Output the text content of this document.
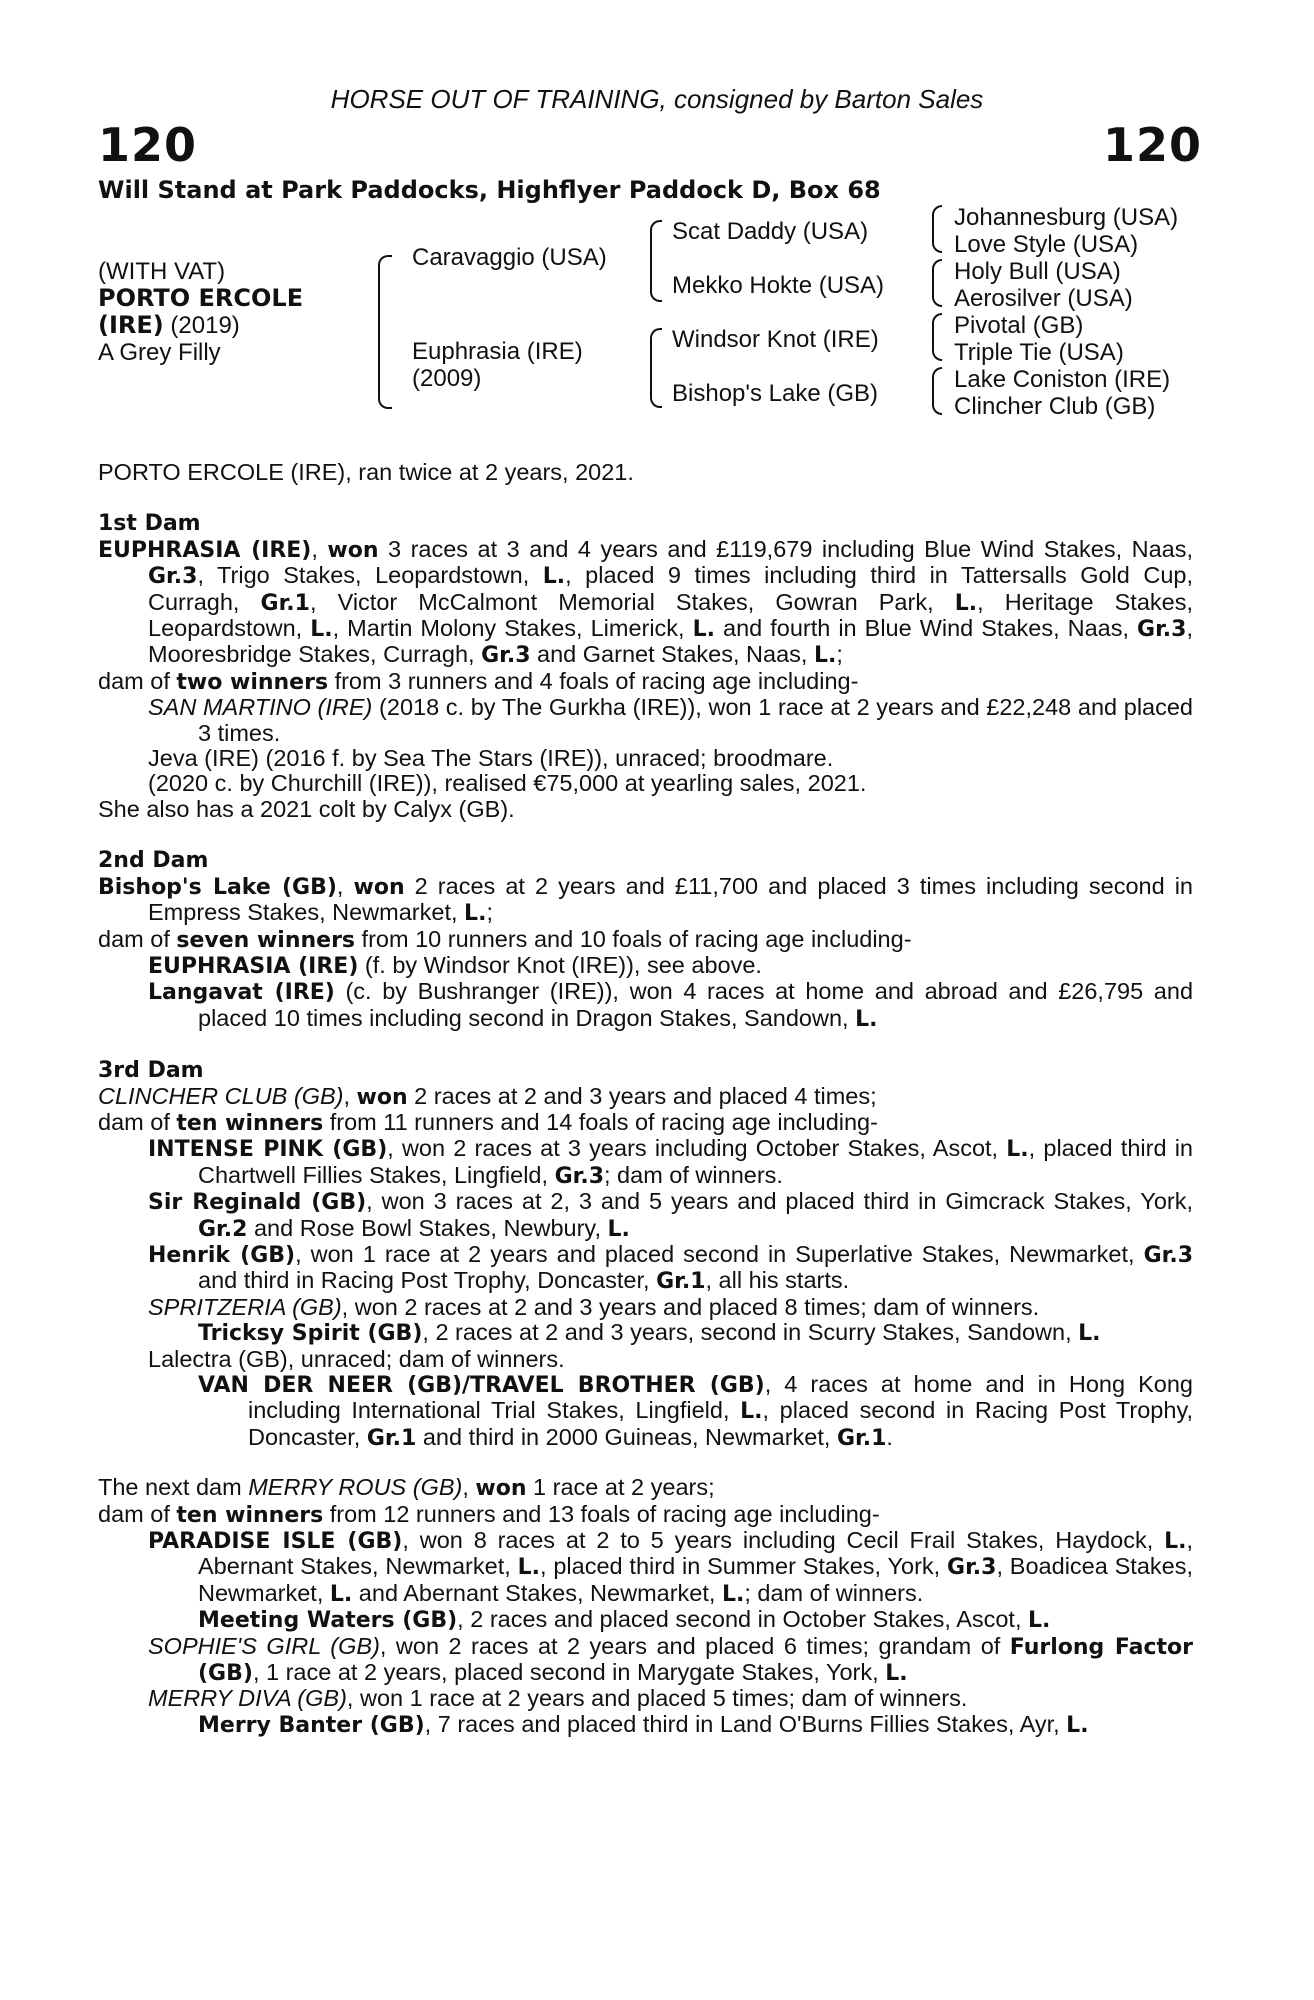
HORSE OUT OF TRAINING, consigned by Barton Sales
120	120
Will Stand at Park Paddocks, Highflyer Paddock D, Box 68
(WITH VAT)
PORTO ERCOLE
(IRE) (2019)
A Grey Filly
Caravaggio (USA)
Euphrasia (IRE)
(2009)
Scat Daddy (USA)
Mekko Hokte (USA)
Windsor Knot (IRE)
Bishop's Lake (GB)
Johannesburg (USA)
Love Style (USA)
Holy Bull (USA)
Aerosilver (USA)
Pivotal (GB)
Triple Tie (USA)
Lake Coniston (IRE)
Clincher Club (GB)

PORTO ERCOLE (IRE), ran twice at 2 years, 2021.

1st Dam

EUPHRASIA (IRE), won 3 races at 3 and 4 years and £119,679 including Blue Wind Stakes, Naas, Gr.3, Trigo Stakes, Leopardstown, L., placed 9 times including third in Tattersalls Gold Cup, Curragh, Gr.1, Victor McCalmont Memorial Stakes, Gowran Park, L., Heritage Stakes, Leopardstown, L., Martin Molony Stakes, Limerick, L. and fourth in Blue Wind Stakes, Naas, Gr.3, Mooresbridge Stakes, Curragh, Gr.3 and Garnet Stakes, Naas, L.;

dam of two winners from 3 runners and 4 foals of racing age including-

SAN MARTINO (IRE) (2018 c. by The Gurkha (IRE)), won 1 race at 2 years and £22,248 and placed 3 times.

Jeva (IRE) (2016 f. by Sea The Stars (IRE)), unraced; broodmare.

(2020 c. by Churchill (IRE)), realised €75,000 at yearling sales, 2021.

She also has a 2021 colt by Calyx (GB).

2nd Dam

Bishop's Lake (GB), won 2 races at 2 years and £11,700 and placed 3 times including second in Empress Stakes, Newmarket, L.;

dam of seven winners from 10 runners and 10 foals of racing age including-

EUPHRASIA (IRE) (f. by Windsor Knot (IRE)), see above.

Langavat (IRE) (c. by Bushranger (IRE)), won 4 races at home and abroad and £26,795 and placed 10 times including second in Dragon Stakes, Sandown, L.

3rd Dam

CLINCHER CLUB (GB), won 2 races at 2 and 3 years and placed 4 times;

dam of ten winners from 11 runners and 14 foals of racing age including-

INTENSE PINK (GB), won 2 races at 3 years including October Stakes, Ascot, L., placed third in Chartwell Fillies Stakes, Lingfield, Gr.3; dam of winners.

Sir Reginald (GB), won 3 races at 2, 3 and 5 years and placed third in Gimcrack Stakes, York, Gr.2 and Rose Bowl Stakes, Newbury, L.

Henrik (GB), won 1 race at 2 years and placed second in Superlative Stakes, Newmarket, Gr.3 and third in Racing Post Trophy, Doncaster, Gr.1, all his starts.

SPRITZERIA (GB), won 2 races at 2 and 3 years and placed 8 times; dam of winners.

Tricksy Spirit (GB), 2 races at 2 and 3 years, second in Scurry Stakes, Sandown, L.

Lalectra (GB), unraced; dam of winners.

VAN DER NEER (GB)/TRAVEL BROTHER (GB), 4 races at home and in Hong Kong including International Trial Stakes, Lingfield, L., placed second in Racing Post Trophy, Doncaster, Gr.1 and third in 2000 Guineas, Newmarket, Gr.1.

The next dam MERRY ROUS (GB), won 1 race at 2 years;

dam of ten winners from 12 runners and 13 foals of racing age including-

PARADISE ISLE (GB), won 8 races at 2 to 5 years including Cecil Frail Stakes, Haydock, L., Abernant Stakes, Newmarket, L., placed third in Summer Stakes, York, Gr.3, Boadicea Stakes, Newmarket, L. and Abernant Stakes, Newmarket, L.; dam of winners.

Meeting Waters (GB), 2 races and placed second in October Stakes, Ascot, L.

SOPHIE'S GIRL (GB), won 2 races at 2 years and placed 6 times; grandam of Furlong Factor (GB), 1 race at 2 years, placed second in Marygate Stakes, York, L.

MERRY DIVA (GB), won 1 race at 2 years and placed 5 times; dam of winners.

Merry Banter (GB), 7 races and placed third in Land O'Burns Fillies Stakes, Ayr, L.
